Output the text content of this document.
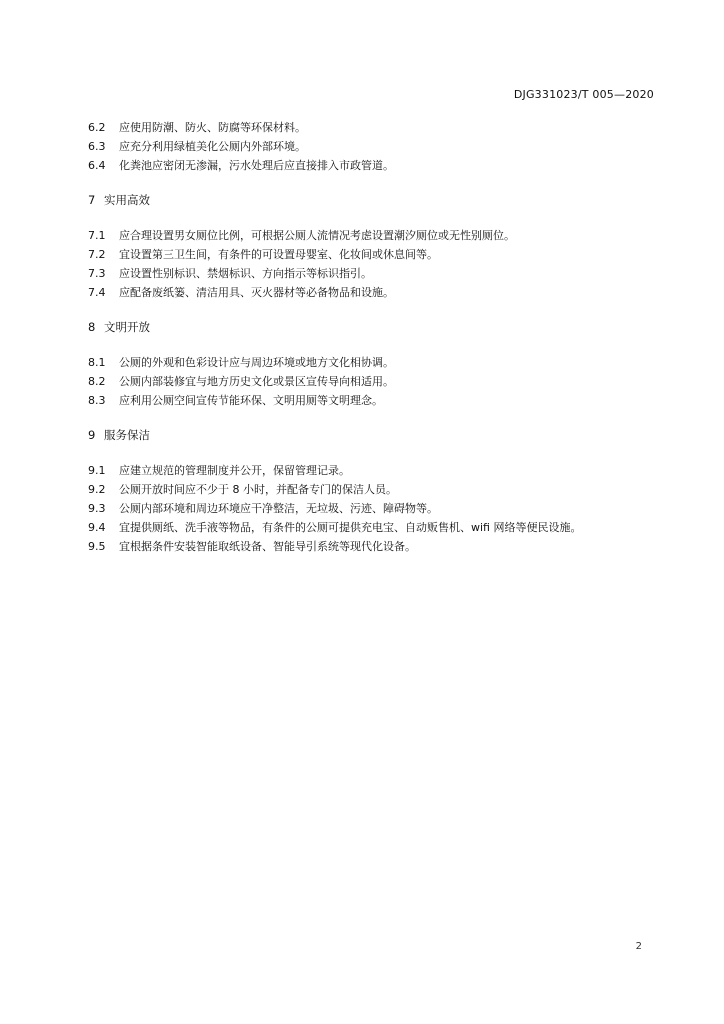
DJG331023/T 005—2020
6.2	应使用防潮、防火、防腐等环保材料。
6.3	应充分利用绿植美化公厕内外部环境。
6.4	化粪池应密闭无渗漏，污水处理后应直接排入市政管道。
7 实用高效
7.1	应合理设置男女厕位比例，可根据公厕人流情况考虑设置潮汐厕位或无性别厕位。
7.2	宜设置第三卫生间，有条件的可设置母婴室、化妆间或休息间等。
7.3	应设置性别标识、禁烟标识、方向指示等标识指引。
7.4	应配备废纸篓、清洁用具、灭火器材等必备物品和设施。
8 文明开放
8.1	公厕的外观和色彩设计应与周边环境或地方文化相协调。
8.2	公厕内部装修宜与地方历史文化或景区宣传导向相适用。
8.3	应利用公厕空间宣传节能环保、文明用厕等文明理念。
9 服务保洁
9.1	应建立规范的管理制度并公开，保留管理记录。
9.2	公厕开放时间应不少于 8 小时，并配备专门的保洁人员。
9.3	公厕内部环境和周边环境应干净整洁，无垃圾、污迹、障碍物等。
9.4	宜提供厕纸、洗手液等物品，有条件的公厕可提供充电宝、自动贩售机、wifi 网络等便民设施。
9.5	宜根据条件安装智能取纸设备、智能导引系统等现代化设备。
2
